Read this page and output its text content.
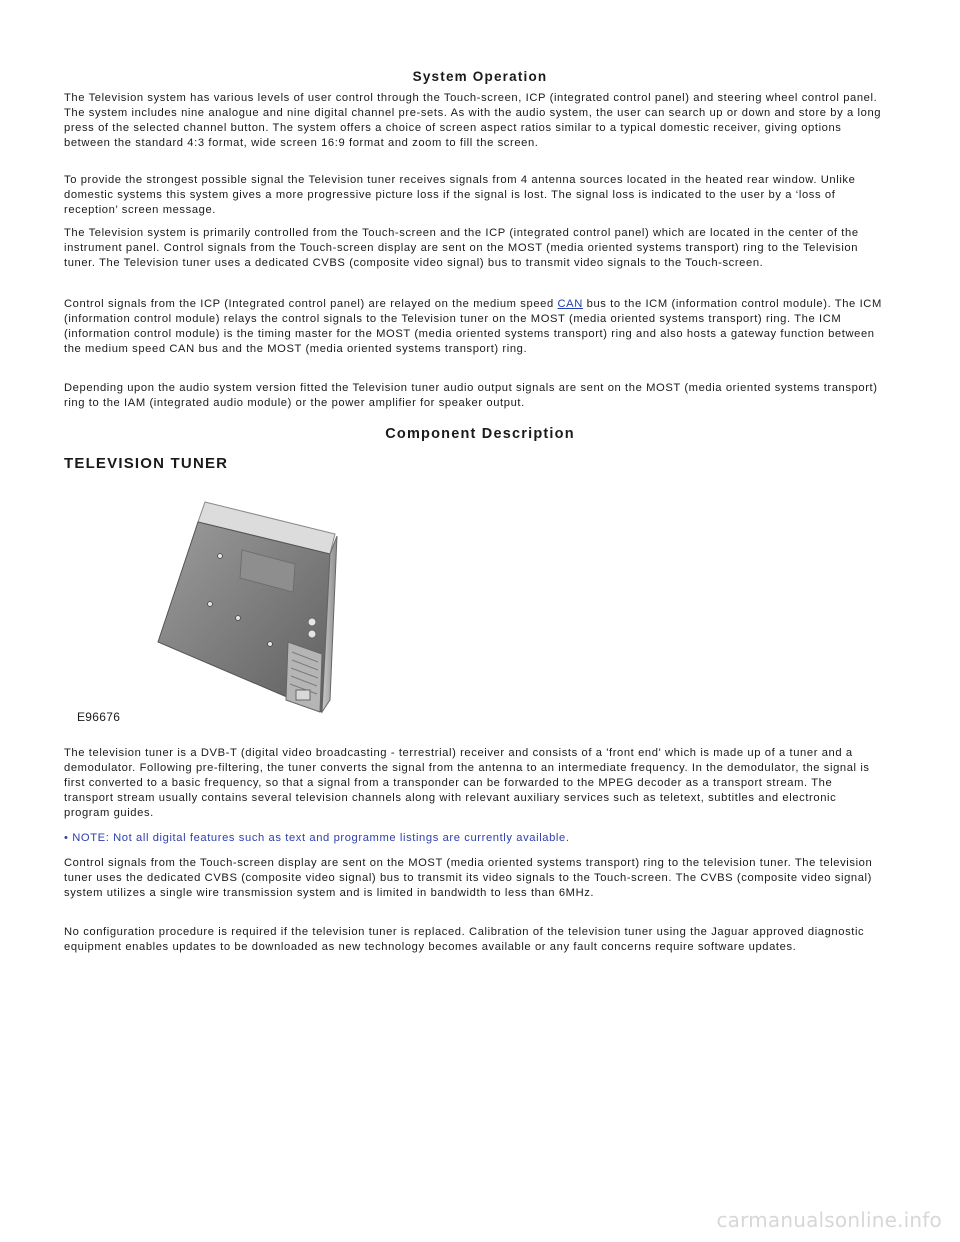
System Operation

The Television system has various levels of user control through the Touch-screen, ICP (integrated control panel) and steering wheel control panel. The system includes nine analogue and nine digital channel pre-sets. As with the audio system, the user can search up or down and store by a long press of the selected channel button. The system offers a choice of screen aspect ratios similar to a typical domestic receiver, giving options between the standard 4:3 format, wide screen 16:9 format and zoom to fill the screen.

To provide the strongest possible signal the Television tuner receives signals from 4 antenna sources located in the heated rear window. Unlike domestic systems this system gives a more progressive picture loss if the signal is lost. The signal loss is indicated to the user by a ‘loss of reception’ screen message.

The Television system is primarily controlled from the Touch-screen and the ICP (integrated control panel) which are located in the center of the instrument panel. Control signals from the Touch-screen display are sent on the MOST (media oriented systems transport) ring to the Television tuner. The Television tuner uses a dedicated CVBS (composite video signal) bus to transmit video signals to the Touch-screen.

Control signals from the ICP (Integrated control panel) are relayed on the medium speed CAN bus to the ICM (information control module). The ICM (information control module) relays the control signals to the Television tuner on the MOST (media oriented systems transport) ring. The ICM (information control module) is the timing master for the MOST (media oriented systems transport) ring and also hosts a gateway function between the medium speed CAN bus and the MOST (media oriented systems transport) ring.

Depending upon the audio system version fitted the Television tuner audio output signals are sent on the MOST (media oriented systems transport) ring to the IAM (integrated audio module) or the power amplifier for speaker output.

Component Description
TELEVISION TUNER
E96676

The television tuner is a DVB-T (digital video broadcasting - terrestrial) receiver and consists of a 'front end' which is made up of a tuner and a demodulator. Following pre-filtering, the tuner converts the signal from the antenna to an intermediate frequency. In the demodulator, the signal is first converted to a basic frequency, so that a signal from a transponder can be forwarded to the MPEG decoder as a transport stream. The transport stream usually contains several television channels along with relevant auxiliary services such as teletext, subtitles and electronic program guides.

• NOTE: Not all digital features such as text and programme listings are currently available.

Control signals from the Touch-screen display are sent on the MOST (media oriented systems transport) ring to the television tuner. The television tuner uses the dedicated CVBS (composite video signal) bus to transmit its video signals to the Touch-screen. The CVBS (composite video signal) system utilizes a single wire transmission system and is limited in bandwidth to less than 6MHz.

No configuration procedure is required if the television tuner is replaced. Calibration of the television tuner using the Jaguar approved diagnostic equipment enables updates to be downloaded as new technology becomes available or any fault concerns require software updates.

carmanualsonline.info
